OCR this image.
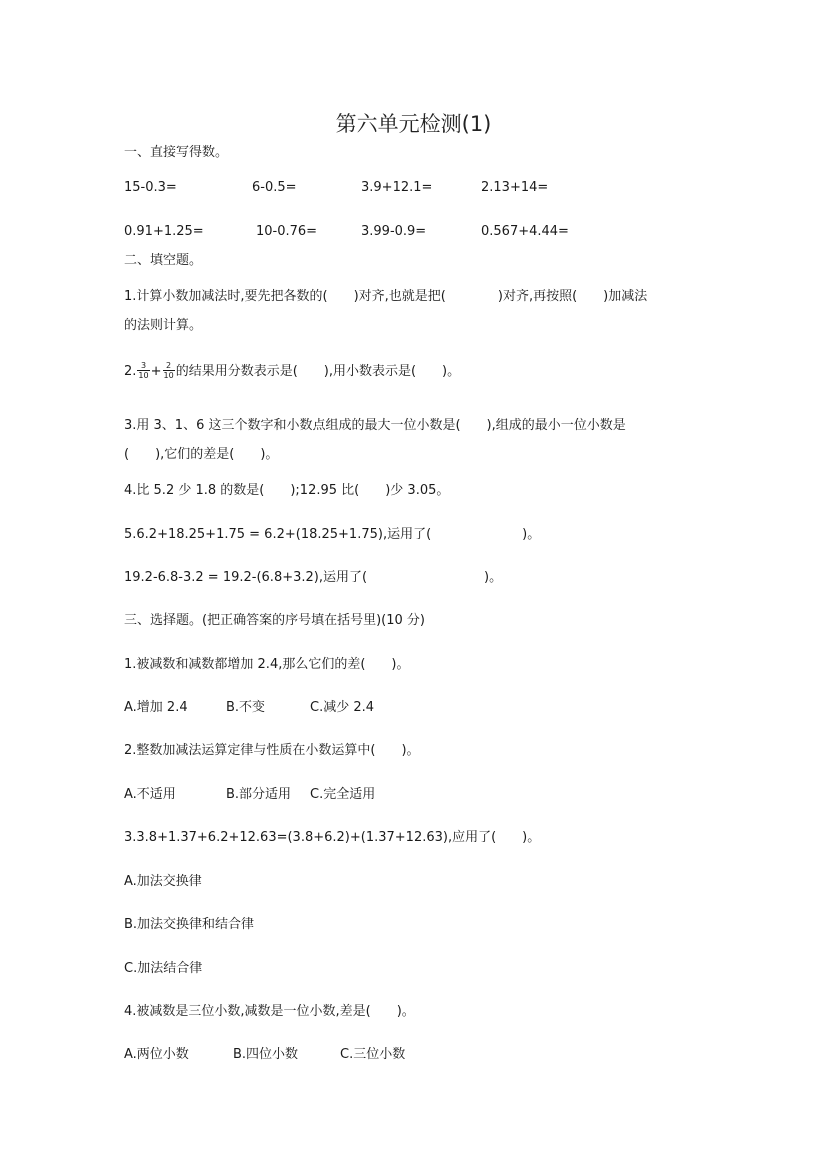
第六单元检测(1)
一、直接写得数。
15-0.3=	6-0.5=	3.9+12.1=	2.13+14=
0.91+1.25=	10-0.76=	3.99-0.9=	0.567+4.44=
二、填空题。
1.计算小数加减法时,要先把各数的(　　)对齐,也就是把(　　　　)对齐,再按照(　　)加减法
的法则计算。
2. $\frac{3}{10} + \frac{2}{10}$ 的结果用分数表示是(　　),用小数表示是(　　)。
3.用 3、1、6 这三个数字和小数点组成的最大一位小数是(　　),组成的最小一位小数是
(　　),它们的差是(　　)。
4.比 5.2 少 1.8 的数是(　　);12.95 比(　　)少 3.05。
5.6.2+18.25+1.75 = 6.2+(18.25+1.75),运用了(　　　　　　　)。
19.2-6.8-3.2 = 19.2-(6.8+3.2),运用了(　　　　　　　　　)。
三、选择题。(把正确答案的序号填在括号里)(10 分)
1.被减数和减数都增加 2.4,那么它们的差(　　)。
A.增加 2.4	B.不变	C.减少 2.4
2.整数加减法运算定律与性质在小数运算中(　　)。
A.不适用	B.部分适用 C.完全适用
3.3.8+1.37+6.2+12.63=(3.8+6.2)+(1.37+12.63),应用了(　　)。
A.加法交换律
B.加法交换律和结合律
C.加法结合律
4.被减数是三位小数,减数是一位小数,差是(　　)。
A.两位小数	B.四位小数	C.三位小数
